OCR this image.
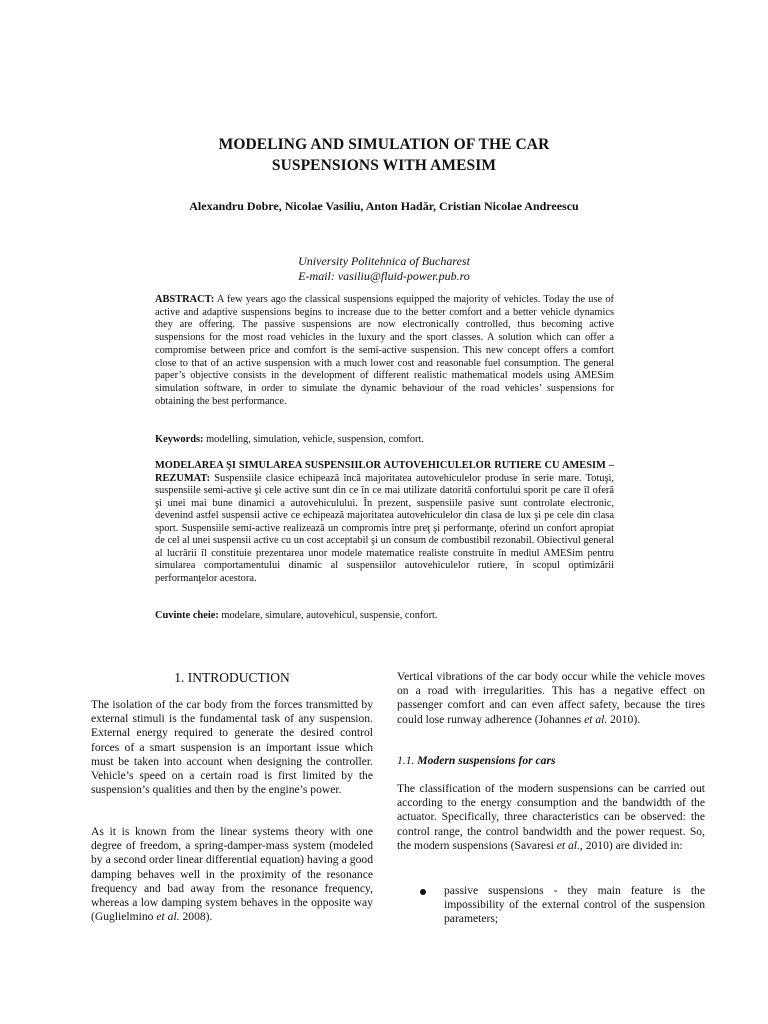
MODELING AND SIMULATION OF THE CAR
SUSPENSIONS WITH AMESIM
Alexandru Dobre, Nicolae Vasiliu, Anton Hadăr, Cristian Nicolae Andreescu
University Politehnica of Bucharest
E-mail: vasiliu@fluid-power.pub.ro
ABSTRACT: A few years ago the classical suspensions equipped the majority of vehicles. Today the use of active and adaptive suspensions begins to increase due to the better comfort and a better vehicle dynamics they are offering. The passive suspensions are now electronically controlled, thus becoming active suspensions for the most road vehicles in the luxury and the sport classes. A solution which can offer a compromise between price and comfort is the semi-active suspension. This new concept offers a comfort close to that of an active suspension with a much lower cost and reasonable fuel consumption. The general paper’s objective consists in the development of different realistic mathematical models using AMESim simulation software, in order to simulate the dynamic behaviour of the road vehicles’ suspensions for obtaining the best performance.
Keywords: modelling, simulation, vehicle, suspension, comfort.
MODELAREA ŞI SIMULAREA SUSPENSIILOR AUTOVEHICULELOR RUTIERE CU AMESIM – REZUMAT: Suspensiile clasice echipează încă majoritatea autovehiculelor produse în serie mare. Totuşi, suspensiile semi-active şi cele active sunt din ce în ce mai utilizate datorită confortului sporit pe care îl oferă şi unei mai bune dinamici a autovehiculului. În prezent, suspensiile pasive sunt controlate electronic, devenind astfel suspensii active ce echipează majoritatea autovehiculelor din clasa de lux şi pe cele din clasa sport. Suspensiile semi-active realizează un compromis între preţ şi performanţe, oferind un confort apropiat de cel al unei suspensii active cu un cost acceptabil şi un consum de combustibil rezonabil. Obiectivul general al lucrării îl constituie prezentarea unor modele matematice realiste construite în mediul AMESim pentru simularea comportamentului dinamic al suspensiilor autovehiculelor rutiere, în scopul optimizării performanţelor acestora.
Cuvinte cheie: modelare, simulare, autovehicul, suspensie, confort.
1. INTRODUCTION
The isolation of the car body from the forces transmitted by external stimuli is the fundamental task of any suspension. External energy required to generate the desired control forces of a smart suspension is an important issue which must be taken into account when designing the controller. Vehicle’s speed on a certain road is first limited by the suspension’s qualities and then by the engine’s power.
As it is known from the linear systems theory with one degree of freedom, a spring-damper-mass system (modeled by a second order linear differential equation) having a good damping behaves well in the proximity of the resonance frequency and bad away from the resonance frequency, whereas a low damping system behaves in the opposite way (Guglielmino et al. 2008).
Vertical vibrations of the car body occur while the vehicle moves on a road with irregularities. This has a negative effect on passenger comfort and can even affect safety, because the tires could lose runway adherence (Johannes et al. 2010).
1.1. Modern suspensions for cars
The classification of the modern suspensions can be carried out according to the energy consumption and the bandwidth of the actuator. Specifically, three characteristics can be observed: the control range, the control bandwidth and the power request. So, the modern suspensions (Savaresi et al., 2010) are divided in:
passive suspensions - they main feature is the impossibility of the external control of the suspension parameters;
